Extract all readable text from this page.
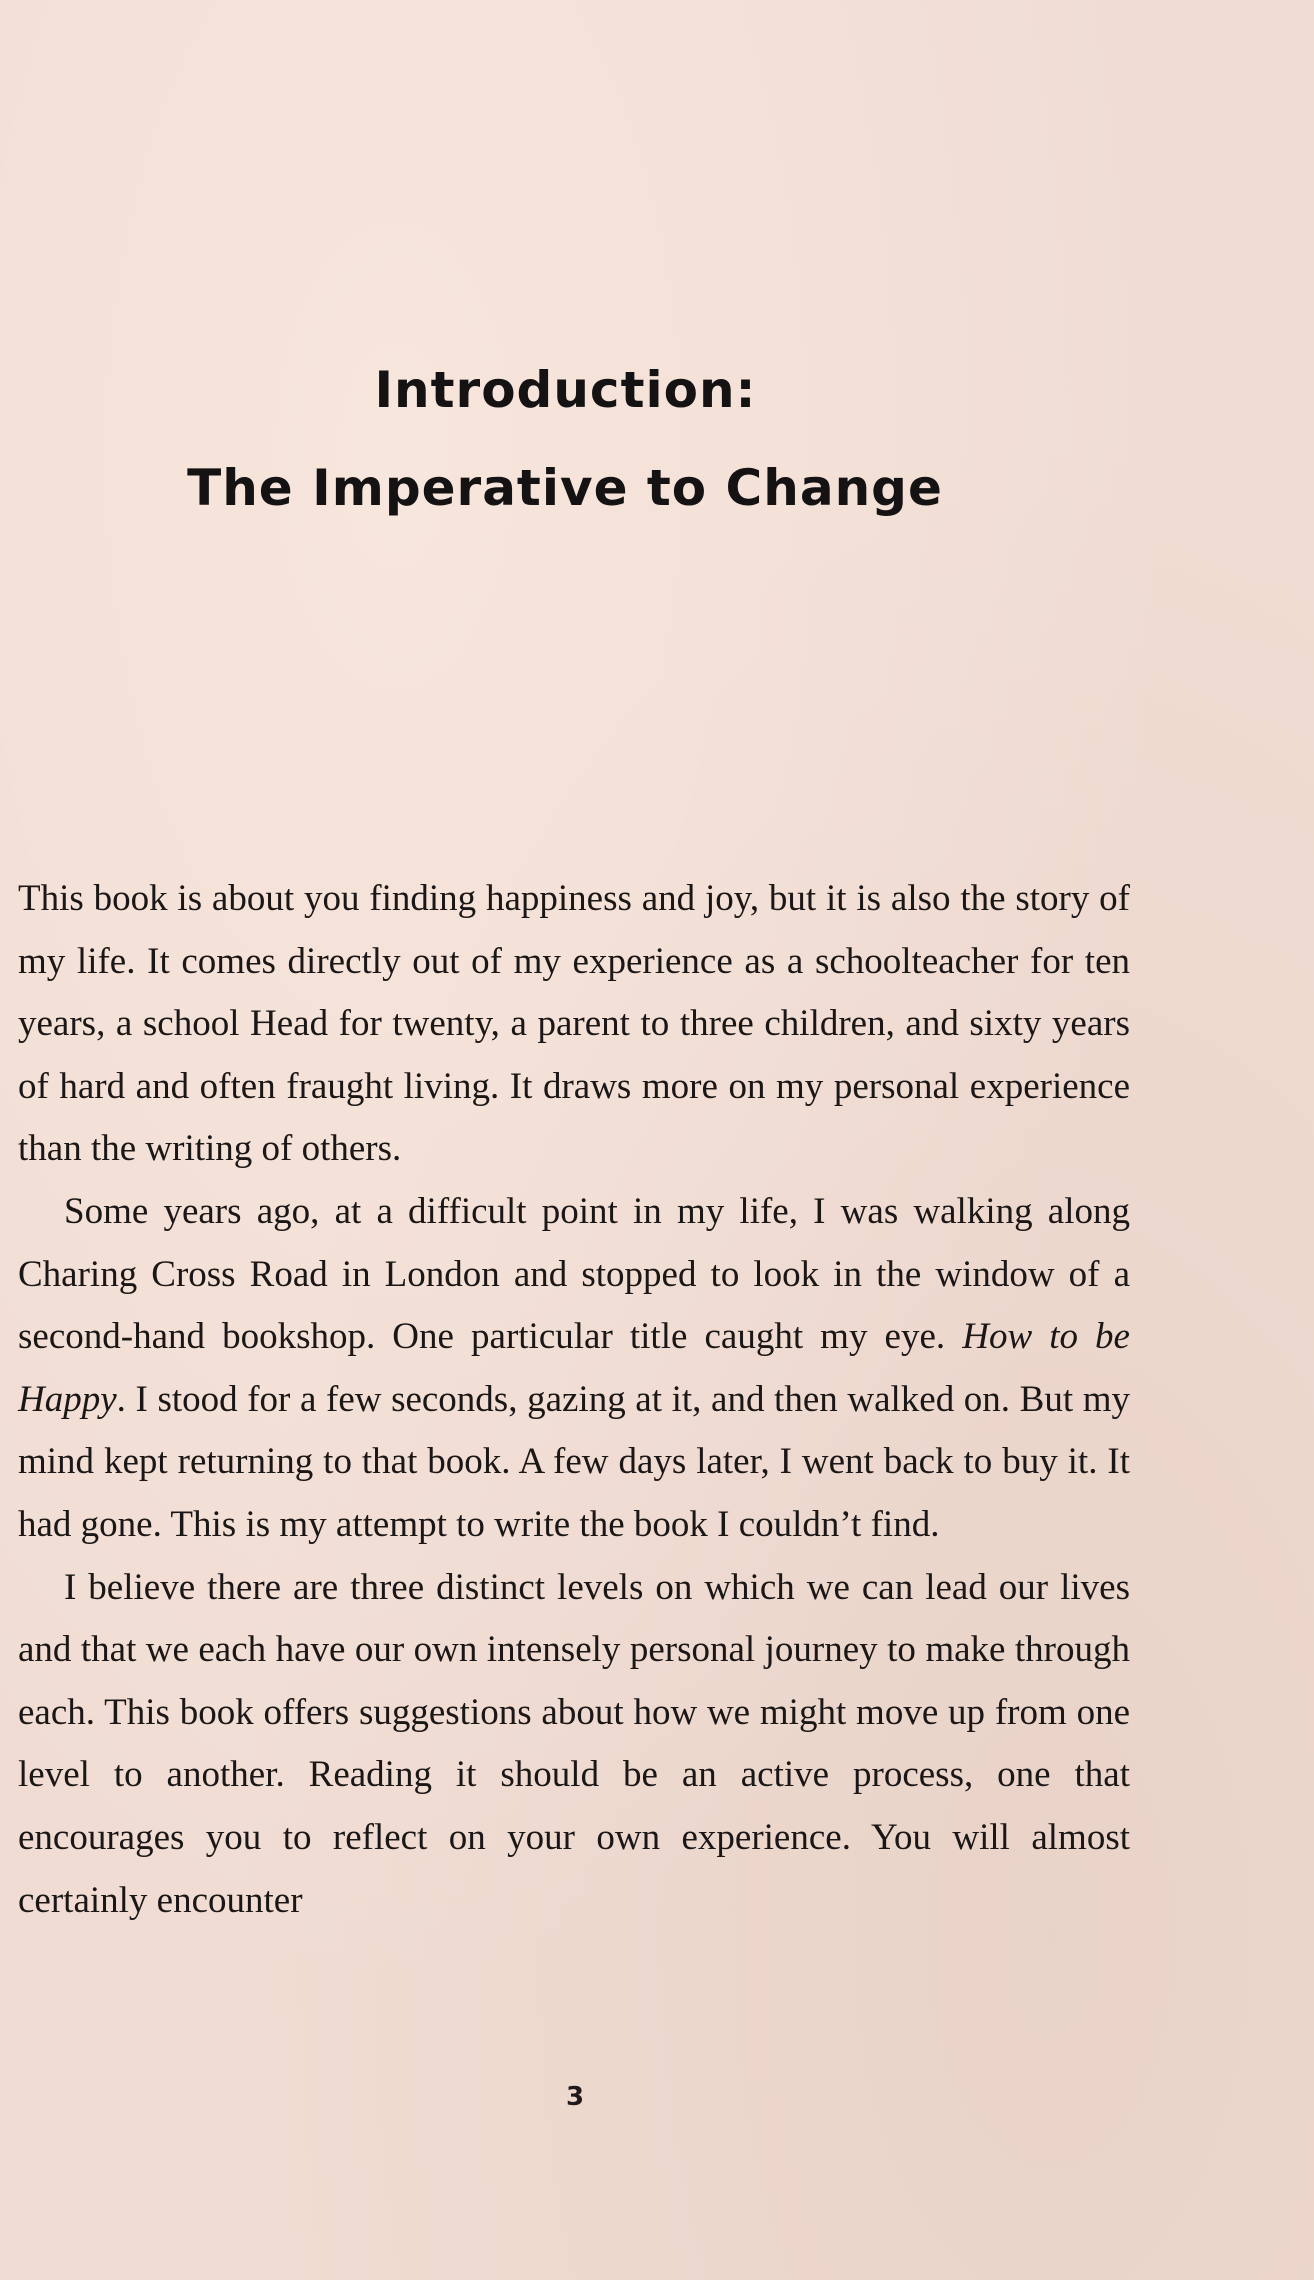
Introduction:
The Imperative to Change

This book is about you finding happiness and joy, but it is also the story of my life. It comes directly out of my experience as a schoolteacher for ten years, a school Head for twenty, a parent to three children, and sixty years of hard and often fraught living. It draws more on my personal experience than the writing of others.

Some years ago, at a difficult point in my life, I was walking along Charing Cross Road in London and stopped to look in the window of a second-hand bookshop. One particular title caught my eye. How to be Happy. I stood for a few seconds, gazing at it, and then walked on. But my mind kept returning to that book. A few days later, I went back to buy it. It had gone. This is my attempt to write the book I couldn’t find.

I believe there are three distinct levels on which we can lead our lives and that we each have our own intensely personal journey to make through each. This book offers suggestions about how we might move up from one level to another. Reading it should be an active process, one that encourages you to reflect on your own experience. You will almost certainly encounter

3
